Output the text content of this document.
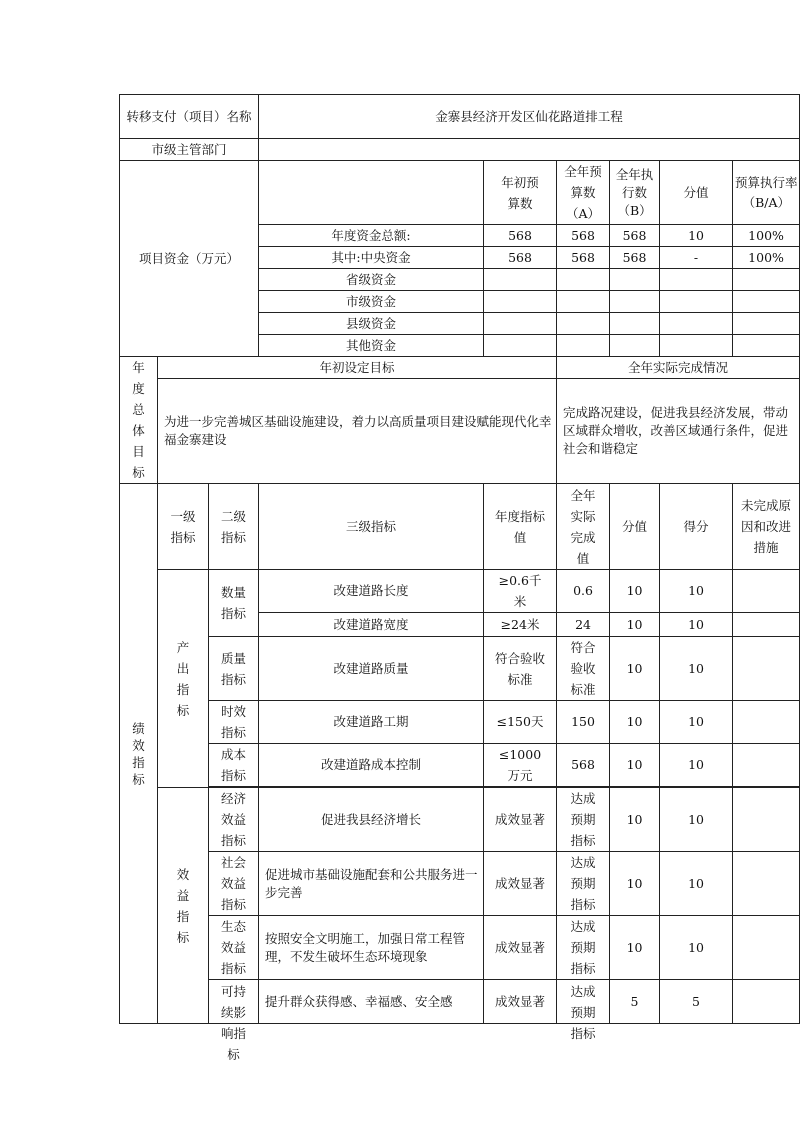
转移支付（项目）名称			金寨县经济开发区仙花路道排工程						
市级主管部门									
项目资金（万元）				年初预算数	全年预算数（A）	全年执行数（B）	分值	预算执行率（B/A）

			年度资金总额:	568	568	568	10	100%	
			其中:中央资金	568	568	568	-	100%	
			省级资金						
			市级资金						
			县级资金						
			其他资金						

年度总体目标	年初设定目标				全年实际完成情况				
	为进一步完善城区基础设施建设，着力以高质量项目建设赋能现代化幸福金寨建设				完成路况建设，促进我县经济发展，带动区域群众增收，改善区域通行条件，促进社会和谐稳定				

绩效指标	一级指标	二级指标	三级指标	年度指标值	全年实际完成值	分值	得分	未完成原因和改进措施	

	产出指标	数量指标	改建道路长度	≥0.6千米	0.6	10	10		
			改建道路宽度	≥24米	24	10	10		

		质量指标	改建道路质量	符合验收标准	符合验收标准	10	10		

		时效指标	改建道路工期	≤150天	150	10	10		

		成本指标	改建道路成本控制	≤1000万元	568	10	10		

	效益指标	经济效益指标	促进我县经济增长	成效显著	达成预期指标	10	10		

		社会效益指标	促进城市基础设施配套和公共服务进一步完善	成效显著	达成预期指标	10	10		

		生态效益指标	按照安全文明施工，加强日常工程管理，不发生破坏生态环境现象	成效显著	达成预期指标	10	10		

		可持续影响指标	提升群众获得感、幸福感、安全感	成效显著	达成预期指标	5	5		
